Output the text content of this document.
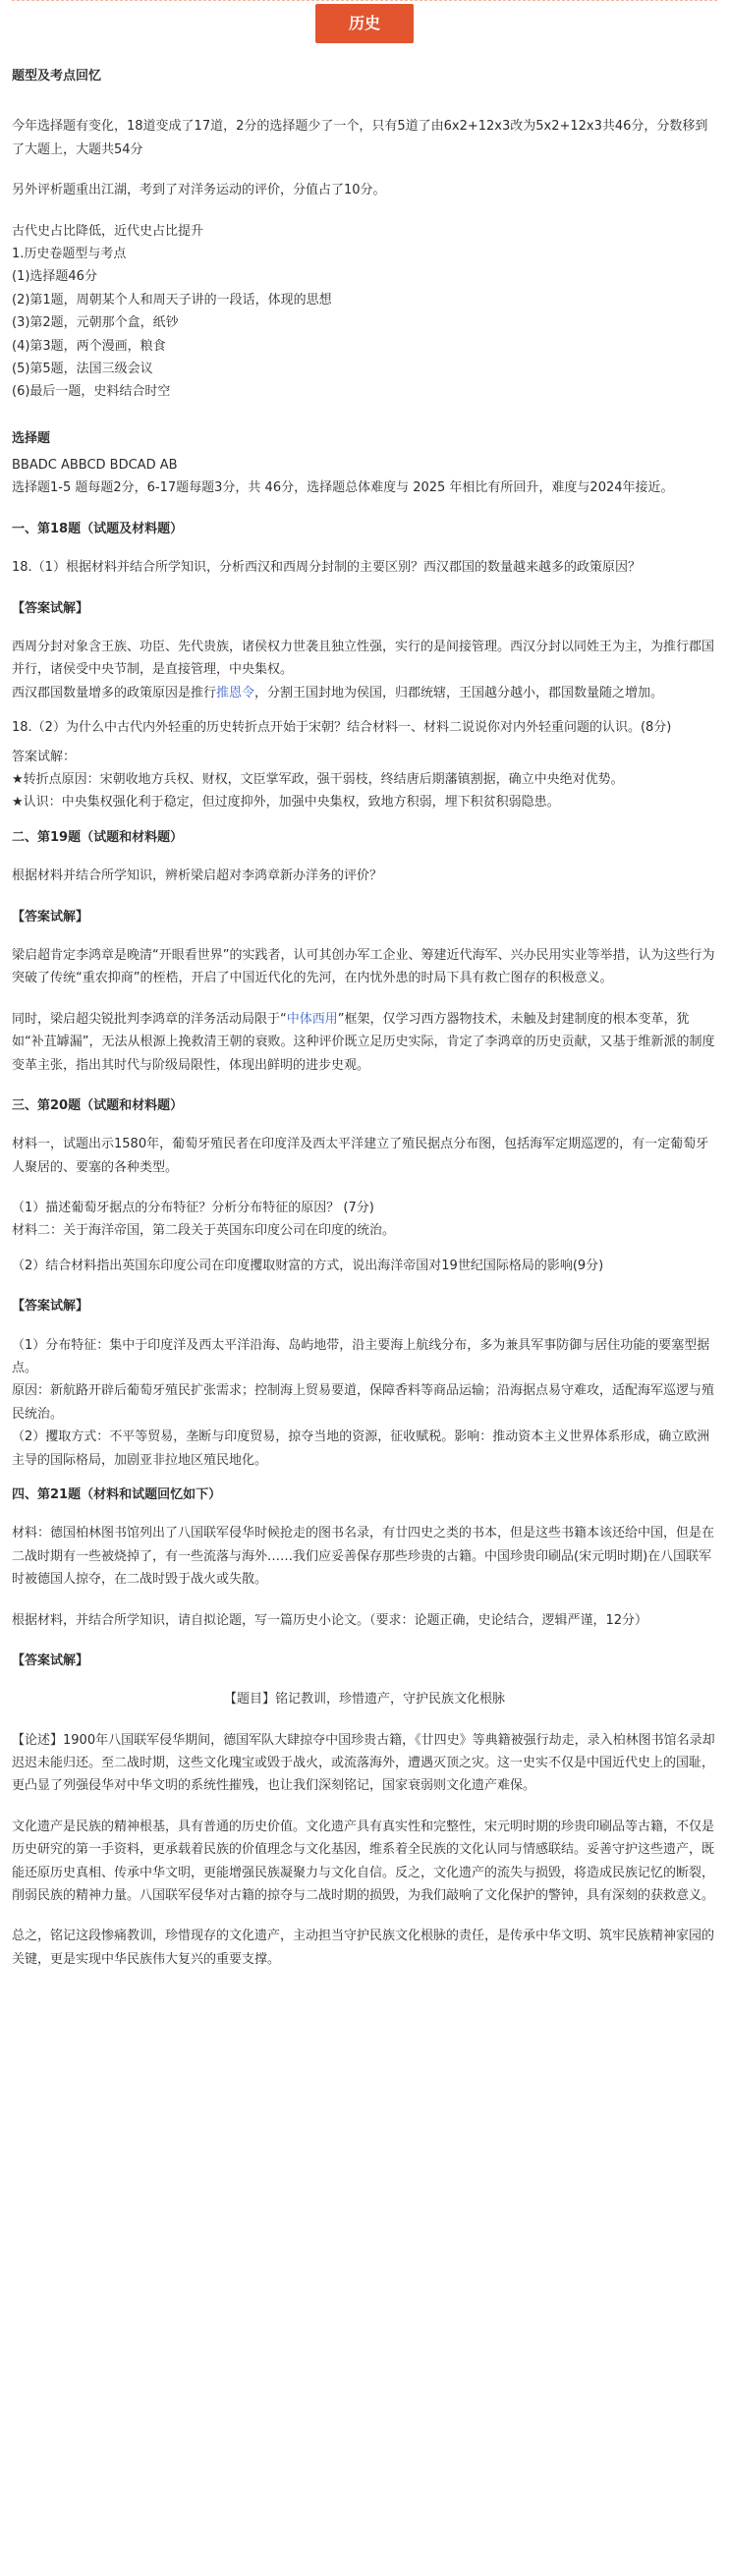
历史

题型及考点回忆

今年选择题有变化，18道变成了17道，2分的选择题少了一个，只有5道了由6x2+12x3改为5x2+12x3共46分，分数移到了大题上，大题共54分

另外评析题重出江湖，考到了对洋务运动的评价，分值占了10分。

古代史占比降低，近代史占比提升
1.历史卷题型与考点
(1)选择题46分
(2)第1题，周朝某个人和周天子讲的一段话，体现的思想
(3)第2题，元朝那个盒，纸钞
(4)第3题，两个漫画，粮食
(5)第5题，法国三级会议
(6)最后一题，史料结合时空

选择题

BBADC ABBCD BDCAD AB

选择题1-5 题每题2分，6-17题每题3分，共 46分，选择题总体难度与 2025 年相比有所回升，难度与2024年接近。

一、第18题（试题及材料题）

18.（1）根据材料并结合所学知识，分析西汉和西周分封制的主要区别？西汉郡国的数量越来越多的政策原因？

【答案试解】

西周分封对象含王族、功臣、先代贵族，诸侯权力世袭且独立性强，实行的是间接管理。西汉分封以同姓王为主，为推行郡国并行，诸侯受中央节制，是直接管理，中央集权。
西汉郡国数量增多的政策原因是推行推恩令，分割王国封地为侯国，归郡统辖，王国越分越小，郡国数量随之增加。

18.（2）为什么中古代内外轻重的历史转折点开始于宋朝？结合材料一、材料二说说你对内外轻重问题的认识。(8分)

答案试解：
★转折点原因：宋朝收地方兵权、财权，文臣掌军政，强干弱枝，终结唐后期藩镇割据，确立中央绝对优势。
★认识：中央集权强化利于稳定，但过度抑外，加强中央集权，致地方积弱，埋下积贫积弱隐患。

二、第19题（试题和材料题）

根据材料并结合所学知识，辨析梁启超对李鸿章新办洋务的评价？

【答案试解】

梁启超肯定李鸿章是晚清“开眼看世界”的实践者，认可其创办军工企业、筹建近代海军、兴办民用实业等举措，认为这些行为突破了传统“重农抑商”的桎梏，开启了中国近代化的先河，在内忧外患的时局下具有救亡图存的积极意义。

同时，梁启超尖锐批判李鸿章的洋务活动局限于“中体西用”框架，仅学习西方器物技术，未触及封建制度的根本变革，犹如“补苴罅漏”，无法从根源上挽救清王朝的衰败。这种评价既立足历史实际，肯定了李鸿章的历史贡献，又基于维新派的制度变革主张，指出其时代与阶级局限性，体现出鲜明的进步史观。

三、第20题（试题和材料题）

材料一，试题出示1580年，葡萄牙殖民者在印度洋及西太平洋建立了殖民据点分布图，包括海军定期巡逻的，有一定葡萄牙人聚居的、要塞的各种类型。

（1）描述葡萄牙据点的分布特征？分析分布特征的原因？ (7分)
材料二：关于海洋帝国，第二段关于英国东印度公司在印度的统治。

（2）结合材料指出英国东印度公司在印度攫取财富的方式，说出海洋帝国对19世纪国际格局的影响(9分)

【答案试解】

（1）分布特征：集中于印度洋及西太平洋沿海、岛屿地带，沿主要海上航线分布，多为兼具军事防御与居住功能的要塞型据点。
原因：新航路开辟后葡萄牙殖民扩张需求；控制海上贸易要道，保障香料等商品运输；沿海据点易守难攻，适配海军巡逻与殖民统治。
（2）攫取方式：不平等贸易，垄断与印度贸易，掠夺当地的资源，征收赋税。影响：推动资本主义世界体系形成，确立欧洲主导的国际格局，加剧亚非拉地区殖民地化。

四、第21题（材料和试题回忆如下）

材料：德国柏林图书馆列出了八国联军侵华时候抢走的图书名录，有廿四史之类的书本，但是这些书籍本该还给中国，但是在二战时期有一些被烧掉了，有一些流落与海外……我们应妥善保存那些珍贵的古籍。中国珍贵印刷品(宋元明时期)在八国联军时被德国人掠夺，在二战时毁于战火或失散。

根据材料，并结合所学知识，请自拟论题，写一篇历史小论文。（要求：论题正确，史论结合，逻辑严谨，12分）

【答案试解】

【题目】铭记教训，珍惜遗产，守护民族文化根脉

【论述】1900年八国联军侵华期间，德国军队大肆掠夺中国珍贵古籍，《廿四史》等典籍被强行劫走，录入柏林图书馆名录却迟迟未能归还。至二战时期，这些文化瑰宝或毁于战火，或流落海外，遭遇灭顶之灾。这一史实不仅是中国近代史上的国耻，更凸显了列强侵华对中华文明的系统性摧残，也让我们深刻铭记，国家衰弱则文化遗产难保。

文化遗产是民族的精神根基，具有普通的历史价值。文化遗产具有真实性和完整性，宋元明时期的珍贵印刷品等古籍，不仅是历史研究的第一手资料，更承载着民族的价值理念与文化基因，维系着全民族的文化认同与情感联结。妥善守护这些遗产，既能还原历史真相、传承中华文明，更能增强民族凝聚力与文化自信。反之，文化遗产的流失与损毁，将造成民族记忆的断裂，削弱民族的精神力量。八国联军侵华对古籍的掠夺与二战时期的损毁，为我们敲响了文化保护的警钟，具有深刻的获救意义。

总之，铭记这段惨痛教训，珍惜现存的文化遗产，主动担当守护民族文化根脉的责任，是传承中华文明、筑牢民族精神家园的关键，更是实现中华民族伟大复兴的重要支撑。
